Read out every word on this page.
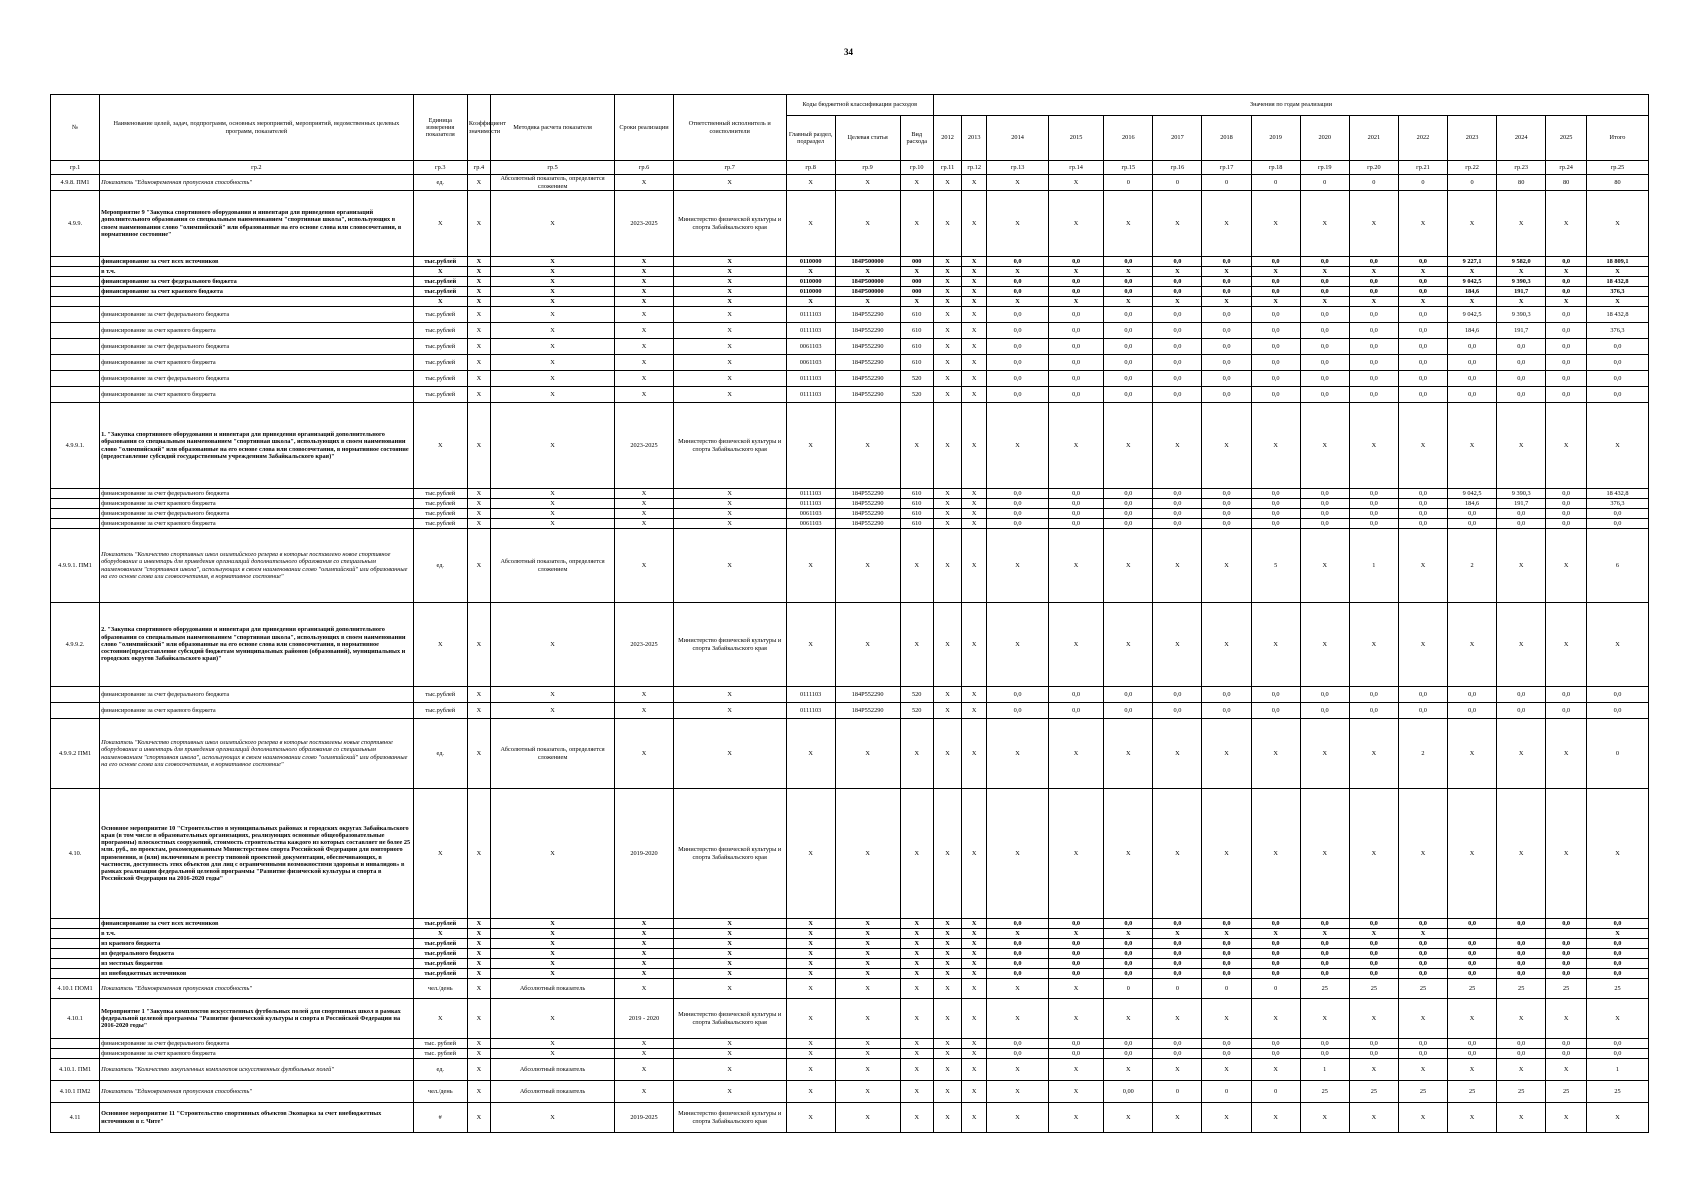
34
№	Наименование целей, задач, подпрограмм, основных мероприятий, мероприятий, ведомственных целевых программ, показателей	Единица измерения показателя	Коэффициент значимости	Методика расчета показателя	Сроки реализации	Ответственный исполнитель и соисполнители	Коды бюджетной классификации расходов			Значения по годам реализации														
							Главный раздел, подраздел	Целевая статья	Вид расхода	2012	2013	2014	2015	2016	2017	2018	2019	2020	2021	2022	2023	2024	2025	Итого
гр.1	гр.2	гр.3	гр.4	гр.5	гр.6	гр.7	гр.8	гр.9	гр.10	гр.11	гр.12	гр.13	гр.14	гр.15	гр.16	гр.17	гр.18	гр.19	гр.20	гр.21	гр.22	гр.23	гр.24	гр.25
4.9.8. ПМ1	Показатель "Единовременная пропускная способность"	ед.	X	Абсолютный показатель, определяется сложением	X	X	X	X	X	X	X	X	X	0	0	0	0	0	0	0	0	80	80	80
4.9.9.	Мероприятие 9 "Закупка спортивного оборудования и инвентаря для приведения организаций дополнительного образования со специальным наименованием "спортивная школа", использующих в своем наименовании слово "олимпийский" или образованные на его основе слова или словосочетания, в нормативное состояние"	X	X	X	2023-2025	Министерство физической культуры и спорта Забайкальского края	X	X	X	X	X	X	X	X	X	X	X	X	X	X	X	X	X	X
	финансирование за счет всех источников	тыс.рублей	X	X	X	X	0110000	184P500000	000	X	X	0,0	0,0	0,0	0,0	0,0	0,0	0,0	0,0	0,0	9 227,1	9 582,0	0,0	18 809,1
	в т.ч.	X	X	X	X	X	X	X	X	X	X	X	X	X	X	X	X	X	X	X	X	X	X	X
	финансирование за счет федерального бюджета	тыс.рублей	X	X	X	X	0110000	184P500000	000	X	X	0,0	0,0	0,0	0,0	0,0	0,0	0,0	0,0	0,0	9 042,5	9 390,3	0,0	18 432,8
	финансирование за счет краевого бюджета	тыс.рублей	X	X	X	X	0110000	184P500000	000	X	X	0,0	0,0	0,0	0,0	0,0	0,0	0,0	0,0	0,0	184,6	191,7	0,0	376,3
		X	X	X	X	X	X	X	X	X	X	X	X	X	X	X	X	X	X	X	X	X	X	X
	финансирование за счет федерального бюджета	тыс.рублей	X	X	X	X	0111103	184P552290	610	X	X	0,0	0,0	0,0	0,0	0,0	0,0	0,0	0,0	0,0	9 042,5	9 390,3	0,0	18 432,8
	финансирование за счет краевого бюджета	тыс.рублей	X	X	X	X	0111103	184P552290	610	X	X	0,0	0,0	0,0	0,0	0,0	0,0	0,0	0,0	0,0	184,6	191,7	0,0	376,3
	финансирование за счет федерального бюджета	тыс.рублей	X	X	X	X	0061103	184P552290	610	X	X	0,0	0,0	0,0	0,0	0,0	0,0	0,0	0,0	0,0	0,0	0,0	0,0	0,0
	финансирование за счет краевого бюджета	тыс.рублей	X	X	X	X	0061103	184P552290	610	X	X	0,0	0,0	0,0	0,0	0,0	0,0	0,0	0,0	0,0	0,0	0,0	0,0	0,0
	финансирование за счет федерального бюджета	тыс.рублей	X	X	X	X	0111103	184P552290	520	X	X	0,0	0,0	0,0	0,0	0,0	0,0	0,0	0,0	0,0	0,0	0,0	0,0	0,0
	финансирование за счет краевого бюджета	тыс.рублей	X	X	X	X	0111103	184P552290	520	X	X	0,0	0,0	0,0	0,0	0,0	0,0	0,0	0,0	0,0	0,0	0,0	0,0	0,0
4.9.9.1.	1. "Закупка спортивного оборудования и инвентаря для приведения организаций дополнительного образования со специальным наименованием "спортивная школа", использующих в своем наименовании слово "олимпийский" или образованные на его основе слова или словосочетания, в нормативное состояние (предоставление субсидий государственным учреждениям Забайкальского края)"	X	X	X	2023-2025	Министерство физической культуры и спорта Забайкальского края	X	X	X	X	X	X	X	X	X	X	X	X	X	X	X	X	X	X
	финансирование за счет федерального бюджета	тыс.рублей	X	X	X	X	0111103	184P552290	610	X	X	0,0	0,0	0,0	0,0	0,0	0,0	0,0	0,0	0,0	9 042,5	9 390,3	0,0	18 432,8
	финансирование за счет краевого бюджета	тыс.рублей	X	X	X	X	0111103	184P552290	610	X	X	0,0	0,0	0,0	0,0	0,0	0,0	0,0	0,0	0,0	184,6	191,7	0,0	376,3
	финансирование за счет федерального бюджета	тыс.рублей	X	X	X	X	0061103	184P552290	610	X	X	0,0	0,0	0,0	0,0	0,0	0,0	0,0	0,0	0,0	0,0	0,0	0,0	0,0
	финансирование за счет краевого бюджета	тыс.рублей	X	X	X	X	0061103	184P552290	610	X	X	0,0	0,0	0,0	0,0	0,0	0,0	0,0	0,0	0,0	0,0	0,0	0,0	0,0
4.9.9.1. ПМ1	Показатель "Количество спортивных школ олимпийского резерва в которые поставлено новое спортивное оборудование и инвентарь для приведения организаций дополнительного образования со специальным наименованием "спортивная школа", использующих в своем наименовании слово "олимпийский" или образованные на его основе слова или словосочетания, в нормативное состояние"	ед.	X	Абсолютный показатель, определяется сложением	X	X	X	X	X	X	X	X	X	X	X	X	5	X	1	X	2	X	X	6
4.9.9.2.	2. "Закупка спортивного оборудования и инвентаря для приведения организаций дополнительного образования со специальным наименованием "спортивная школа", использующих в своем наименовании слово "олимпийский" или образованные на его основе слова или словосочетания, в нормативное состояние(предоставление субсидий бюджетам муниципальных районов (образований), муниципальных и городских округов Забайкальского края)"	X	X	X	2023-2025	Министерство физической культуры и спорта Забайкальского края	X	X	X	X	X	X	X	X	X	X	X	X	X	X	X	X	X	X
	финансирование за счет федерального бюджета	тыс.рублей	X	X	X	X	0111103	184P552290	520	X	X	0,0	0,0	0,0	0,0	0,0	0,0	0,0	0,0	0,0	0,0	0,0	0,0	0,0
	финансирование за счет краевого бюджета	тыс.рублей	X	X	X	X	0111103	184P552290	520	X	X	0,0	0,0	0,0	0,0	0,0	0,0	0,0	0,0	0,0	0,0	0,0	0,0	0,0
4.9.9.2 ПМ1	Показатель "Количество спортивных школ олимпийского резерва в которые поставлены новые спортивное оборудование и инвентарь для приведения организаций дополнительного образования со специальным наименованием "спортивная школа", использующих в своем наименовании слово "олимпийский" или образованные на его основе слова или словосочетания, в нормативное состояние"	ед.	X	Абсолютный показатель, определяется сложением	X	X	X	X	X	X	X	X	X	X	X	X	X	X	X	2	X	X	X	0
4.10.	Основное мероприятие 10 "Строительство в муниципальных районах и городских округах Забайкальского края (в том числе в образовательных организациях, реализующих основные общеобразовательные программы) плоскостных сооружений, стоимость строительства каждого из которых составляет не более 25 млн. руб., по проектам, рекомендованным Министерством спорта Российской Федерации для повторного применения, и (или) включенным в реестр типовой проектной документации, обеспечивающих, в частности, доступность этих объектов для лиц с ограниченными возможностями здоровья и инвалидов» в рамках реализации федеральной целевой программы "Развитие физической культуры и спорта в Российской Федерации на 2016-2020 годы"	X	X	X	2019-2020	Министерство физической культуры и спорта Забайкальского края	X	X	X	X	X	X	X	X	X	X	X	X	X	X	X	X	X	X
	финансирование за счет всех источников	тыс.рублей	X	X	X	X	X	X	X	X	X	0,0	0,0	0,0	0,0	0,0	0,0	0,0	0,0	0,0	0,0	0,0	0,0	0,0
	в т.ч.	X	X	X	X	X	X	X	X	X	X	X	X	X	X	X	X	X	X	X				X
	из краевого бюджета	тыс.рублей	X	X	X	X	X	X	X	X	X	0,0	0,0	0,0	0,0	0,0	0,0	0,0	0,0	0,0	0,0	0,0	0,0	0,0
	из федерального бюджета	тыс.рублей	X	X	X	X	X	X	X	X	X	0,0	0,0	0,0	0,0	0,0	0,0	0,0	0,0	0,0	0,0	0,0	0,0	0,0
	из местных бюджетов	тыс.рублей	X	X	X	X	X	X	X	X	X	0,0	0,0	0,0	0,0	0,0	0,0	0,0	0,0	0,0	0,0	0,0	0,0	0,0
	из внебюджетных источников	тыс.рублей	X	X	X	X	X	X	X	X	X	0,0	0,0	0,0	0,0	0,0	0,0	0,0	0,0	0,0	0,0	0,0	0,0	0,0
4.10.1 ПОМ1	Показатель "Единовременная пропускная способность"	чел./день	X	Абсолютный показатель	X	X	X	X	X	X	X	X	X	0	0	0	0	25	25	25	25	25	25	25
4.10.1	Мероприятие 1 "Закупка комплектов искусственных футбольных полей для спортивных школ в рамках федеральной целевой программы "Развитие физической культуры и спорта в Российской Федерации на 2016-2020 годы"	X	X	X	2019 - 2020	Министерство физической культуры и спорта Забайкальского края	X	X	X	X	X	X	X	X	X	X	X	X	X	X	X	X	X	X
	финансирование за счет федерального бюджета	тыс. рублей	X	X	X	X	X	X	X	X	X	0,0	0,0	0,0	0,0	0,0	0,0	0,0	0,0	0,0	0,0	0,0	0,0	0,0
	финансирование за счет краевого бюджета	тыс. рублей	X	X	X	X	X	X	X	X	X	0,0	0,0	0,0	0,0	0,0	0,0	0,0	0,0	0,0	0,0	0,0	0,0	0,0
4.10.1. ПМ1	Показатель "Количество закупленных комплектов искусственных футбольных полей"	ед.	X	Абсолютный показатель	X	X	X	X	X	X	X	X	X	X	X	X	X	1	X	X	X	X	X	1
4.10.1 ПМ2	Показатель "Единовременная пропускная способность"	чел./день	X	Абсолютный показатель	X	X	X	X	X	X	X	X	X	0,00	0	0	0	25	25	25	25	25	25	25
4.11	Основное мероприятие 11 "Строительство спортивных объектов Экопарка за счет внебюджетных источников в г. Чите"	#	X	X	2019-2025	Министерство физической культуры и спорта Забайкальского края	X	X	X	X	X	X	X	X	X	X	X	X	X	X	X	X	X	X
